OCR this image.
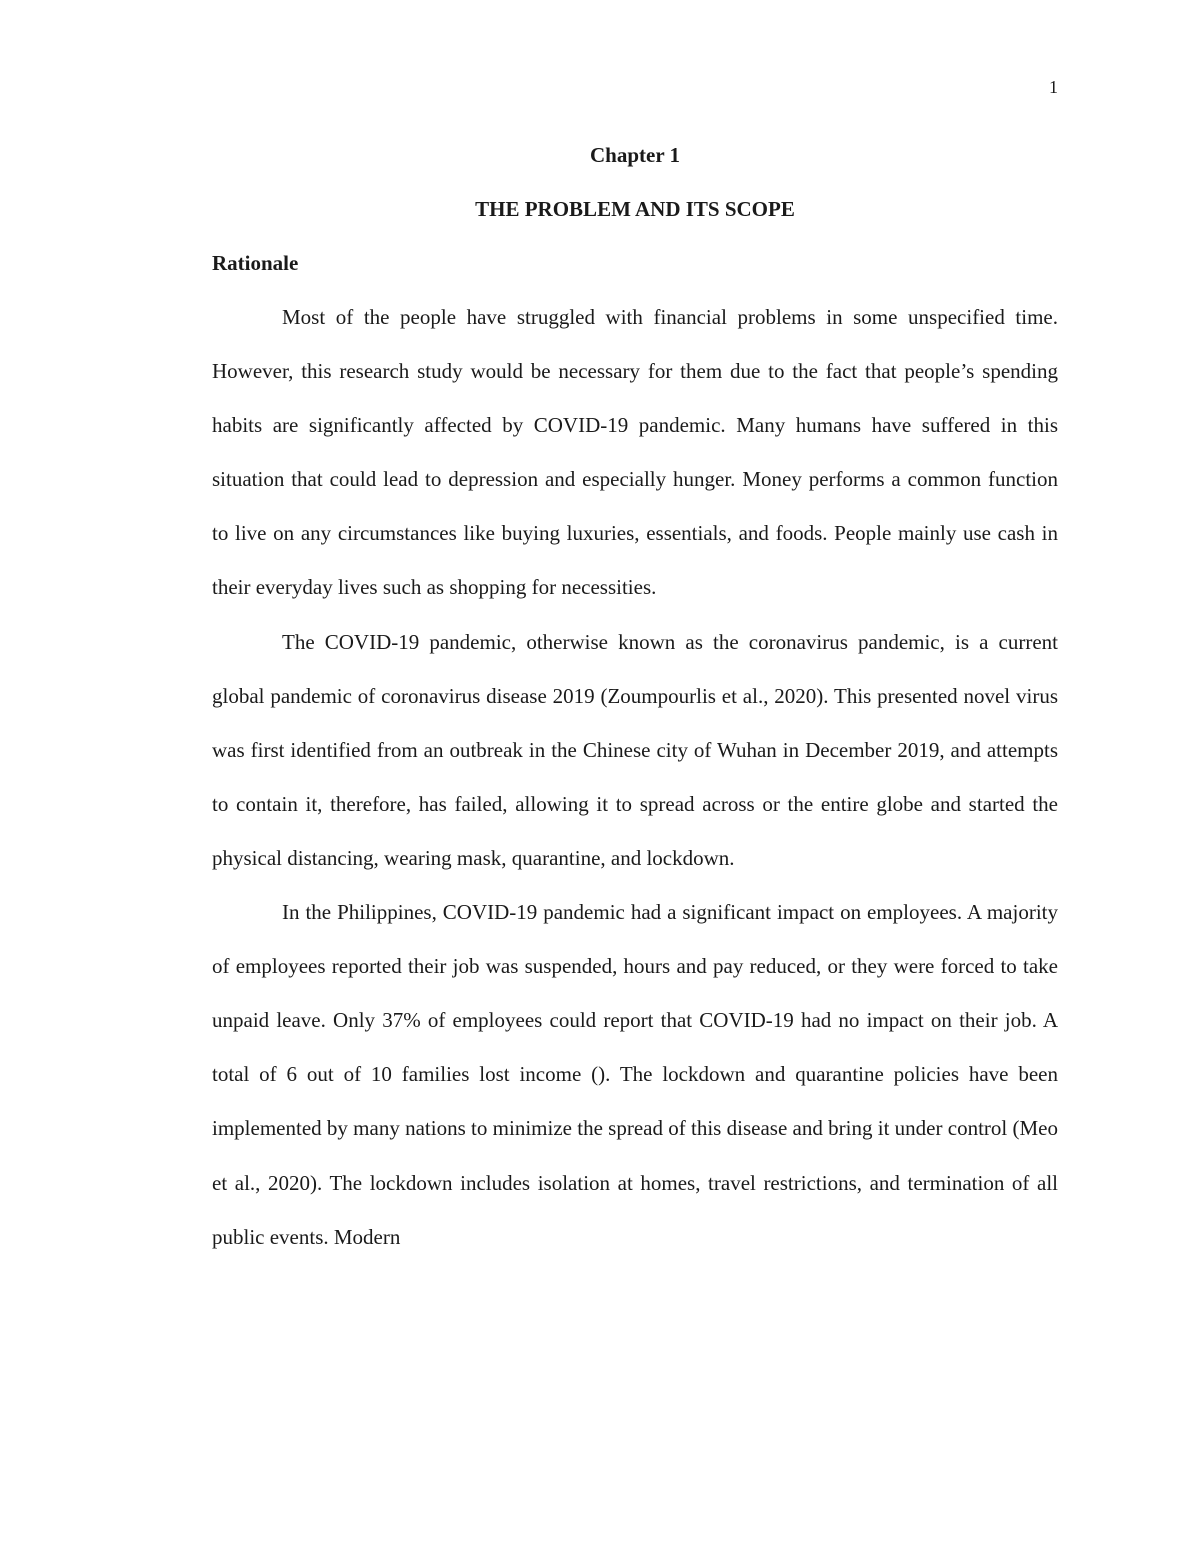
1
Chapter 1
THE PROBLEM AND ITS SCOPE
Rationale

Most of the people have struggled with financial problems in some unspecified time. However, this research study would be necessary for them due to the fact that people’s spending habits are significantly affected by COVID-19 pandemic. Many humans have suffered in this situation that could lead to depression and especially hunger. Money performs a common function to live on any circumstances like buying luxuries, essentials, and foods. People mainly use cash in their everyday lives such as shopping for necessities.

The COVID-19 pandemic, otherwise known as the coronavirus pandemic, is a current global pandemic of coronavirus disease 2019 (Zoumpourlis et al., 2020). This presented novel virus was first identified from an outbreak in the Chinese city of Wuhan in December 2019, and attempts to contain it, therefore, has failed, allowing it to spread across or the entire globe and started the physical distancing, wearing mask, quarantine, and lockdown.

In the Philippines, COVID-19 pandemic had a significant impact on employees. A majority of employees reported their job was suspended, hours and pay reduced, or they were forced to take unpaid leave. Only 37% of employees could report that COVID-19 had no impact on their job. A total of 6 out of 10 families lost income (). The lockdown and quarantine policies have been implemented by many nations to minimize the spread of this disease and bring it under control (Meo et al., 2020). The lockdown includes isolation at homes, travel restrictions, and termination of all public events. Modern
